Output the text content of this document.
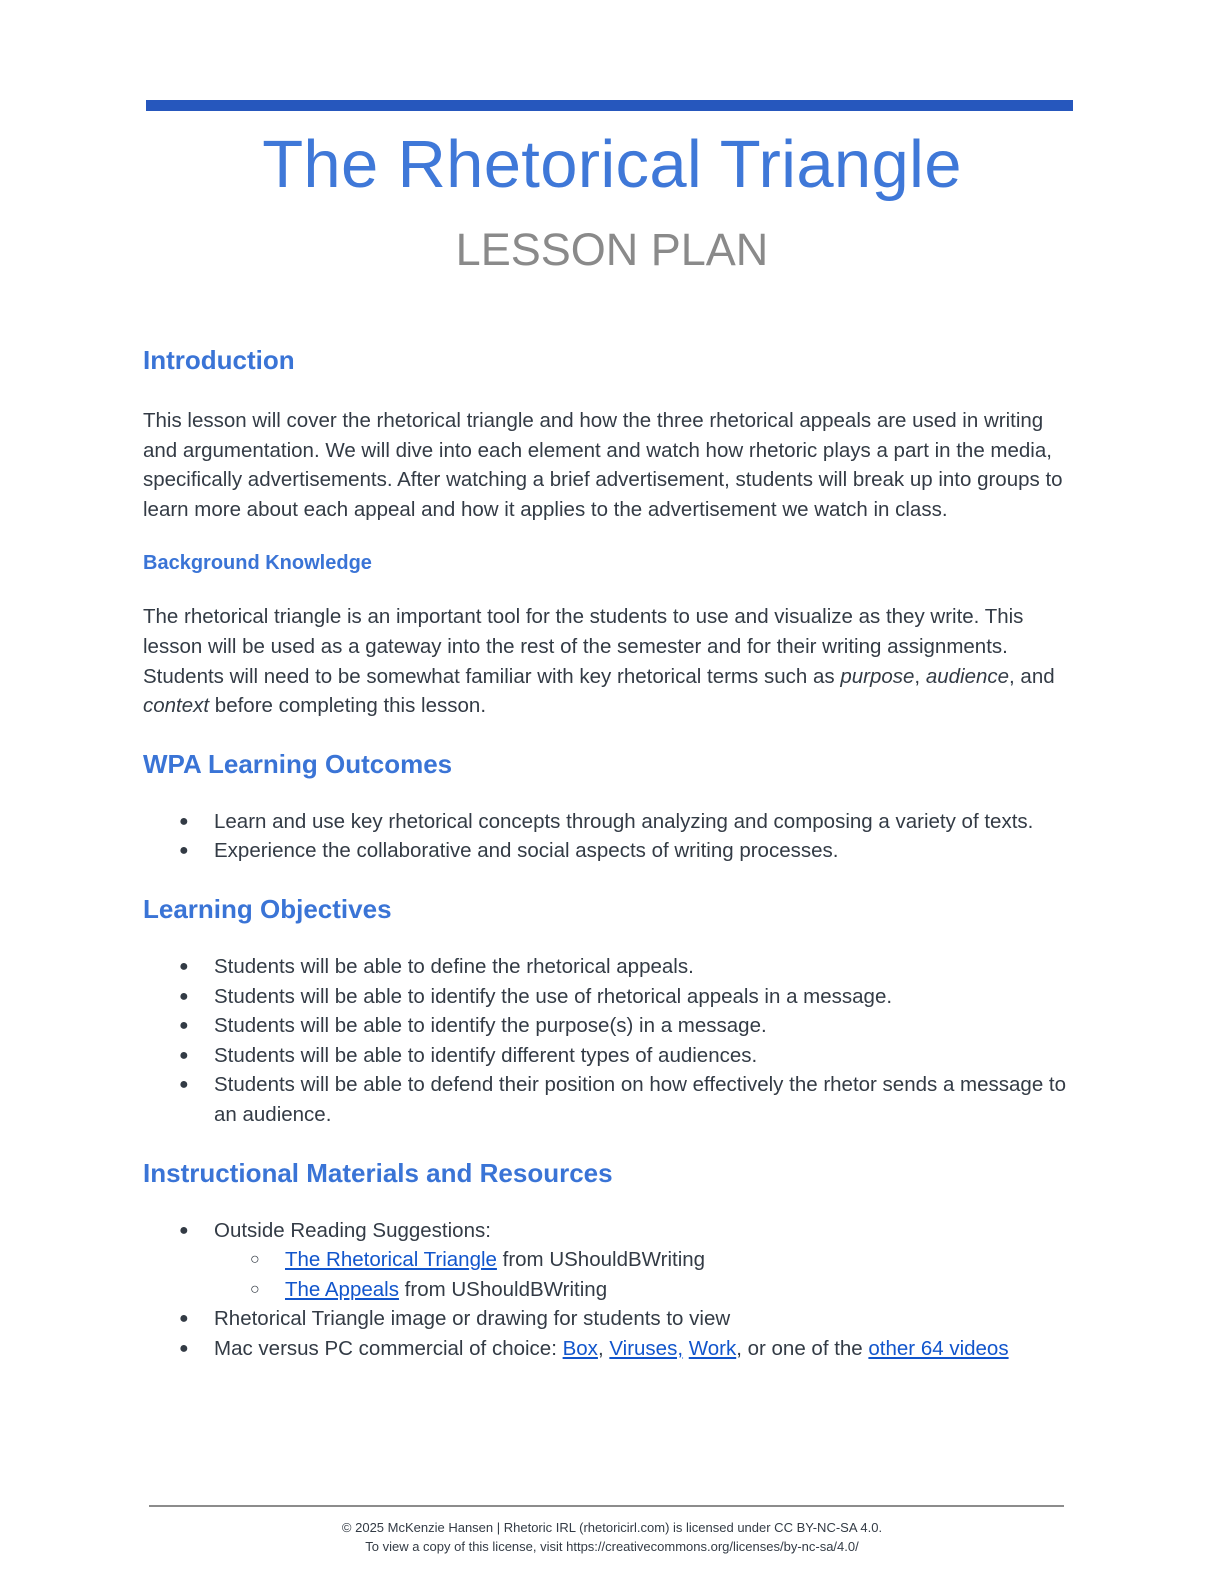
The Rhetorical Triangle
LESSON PLAN
Introduction

This lesson will cover the rhetorical triangle and how the three rhetorical appeals are used in writing and argumentation. We will dive into each element and watch how rhetoric plays a part in the media, specifically advertisements. After watching a brief advertisement, students will break up into groups to learn more about each appeal and how it applies to the advertisement we watch in class.

Background Knowledge

The rhetorical triangle is an important tool for the students to use and visualize as they write. This lesson will be used as a gateway into the rest of the semester and for their writing assignments. Students will need to be somewhat familiar with key rhetorical terms such as purpose, audience, and context before completing this lesson.

WPA Learning Outcomes
● Learn and use key rhetorical concepts through analyzing and composing a variety of texts.
● Experience the collaborative and social aspects of writing processes.
Learning Objectives
● Students will be able to define the rhetorical appeals.
● Students will be able to identify the use of rhetorical appeals in a message.
● Students will be able to identify the purpose(s) in a message.
● Students will be able to identify different types of audiences.
● Students will be able to defend their position on how effectively the rhetor sends a message to an audience.
Instructional Materials and Resources
● Outside Reading Suggestions:
○ The Rhetorical Triangle from UShouldBWriting
○ The Appeals from UShouldBWriting
● Rhetorical Triangle image or drawing for students to view
● Mac versus PC commercial of choice: Box, Viruses, Work, or one of the other 64 videos
© 2025 McKenzie Hansen | Rhetoric IRL (rhetoricirl.com) is licensed under CC BY-NC-SA 4.0.
To view a copy of this license, visit https://creativecommons.org/licenses/by-nc-sa/4.0/
